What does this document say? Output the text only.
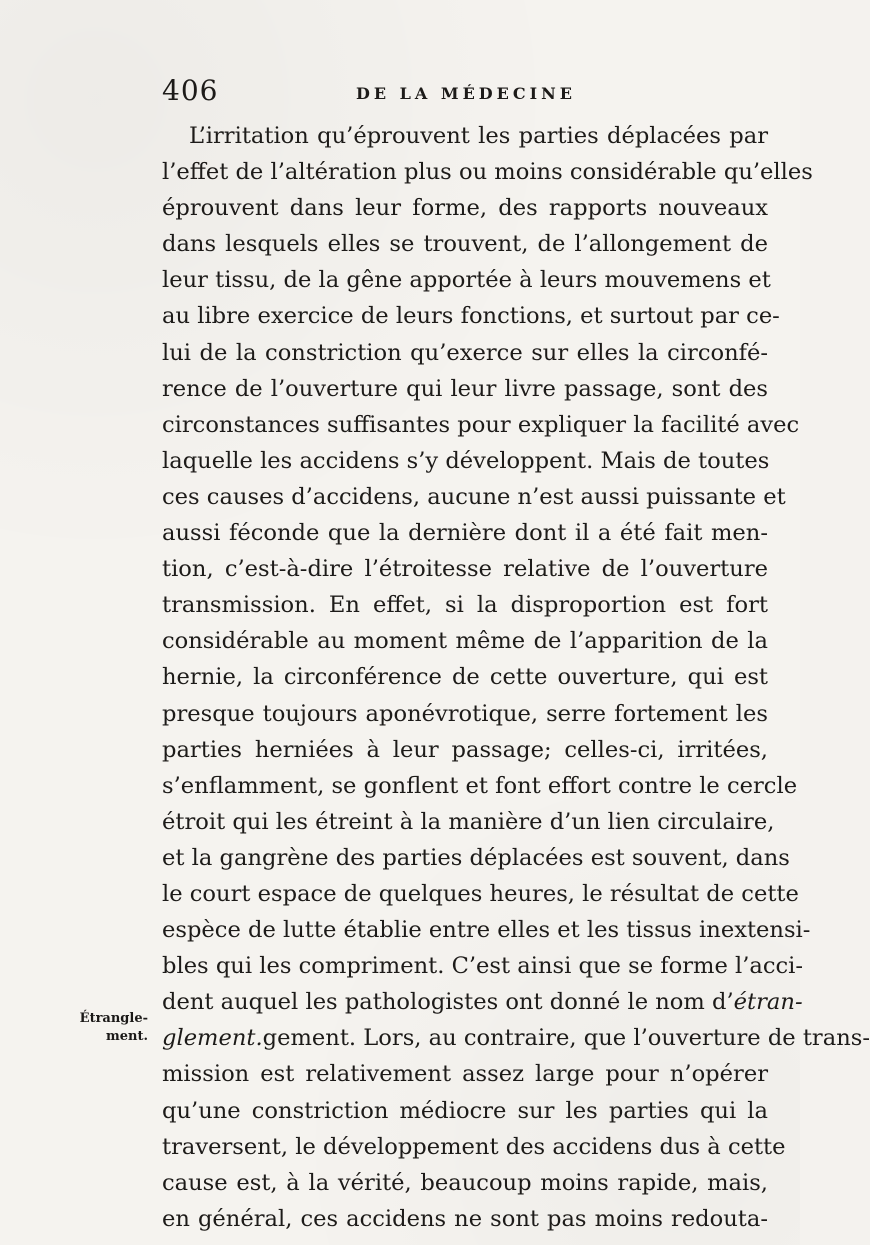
406	DE LA MÉDECINE
L’irritation qu’éprouvent les parties déplacées par
l’effet de l’altération plus ou moins considérable qu’elles
éprouvent dans leur forme, des rapports nouveaux
dans lesquels elles se trouvent, de l’allongement de
leur tissu, de la gêne apportée à leurs mouvemens et
au libre exercice de leurs fonctions, et surtout par ce-
lui de la constriction qu’exerce sur elles la circonfé-
rence de l’ouverture qui leur livre passage, sont des
circonstances suffisantes pour expliquer la facilité avec
laquelle les accidens s’y développent. Mais de toutes
ces causes d’accidens, aucune n’est aussi puissante et
aussi féconde que la dernière dont il a été fait men-
tion, c’est-à-dire l’étroitesse relative de l’ouverture
transmission. En effet, si la disproportion est fort
considérable au moment même de l’apparition de la
hernie, la circonférence de cette ouverture, qui est
presque toujours aponévrotique, serre fortement les
parties herniées à leur passage; celles-ci, irritées,
s’enflamment, se gonflent et font effort contre le cercle
étroit qui les étreint à la manière d’un lien circulaire,
et la gangrène des parties déplacées est souvent, dans
le court espace de quelques heures, le résultat de cette
espèce de lutte établie entre elles et les tissus inextensi-
bles qui les compriment. C’est ainsi que se forme l’acci-
dent auquel les pathologistes ont donné le nom d’étran-
glement.gement. Lors, au contraire, que l’ouverture de trans-
mission est relativement assez large pour n’opérer
qu’une constriction médiocre sur les parties qui la
traversent, le développement des accidens dus à cette
cause est, à la vérité, beaucoup moins rapide, mais,
en général, ces accidens ne sont pas moins redouta-
Étrangle-
ment.
